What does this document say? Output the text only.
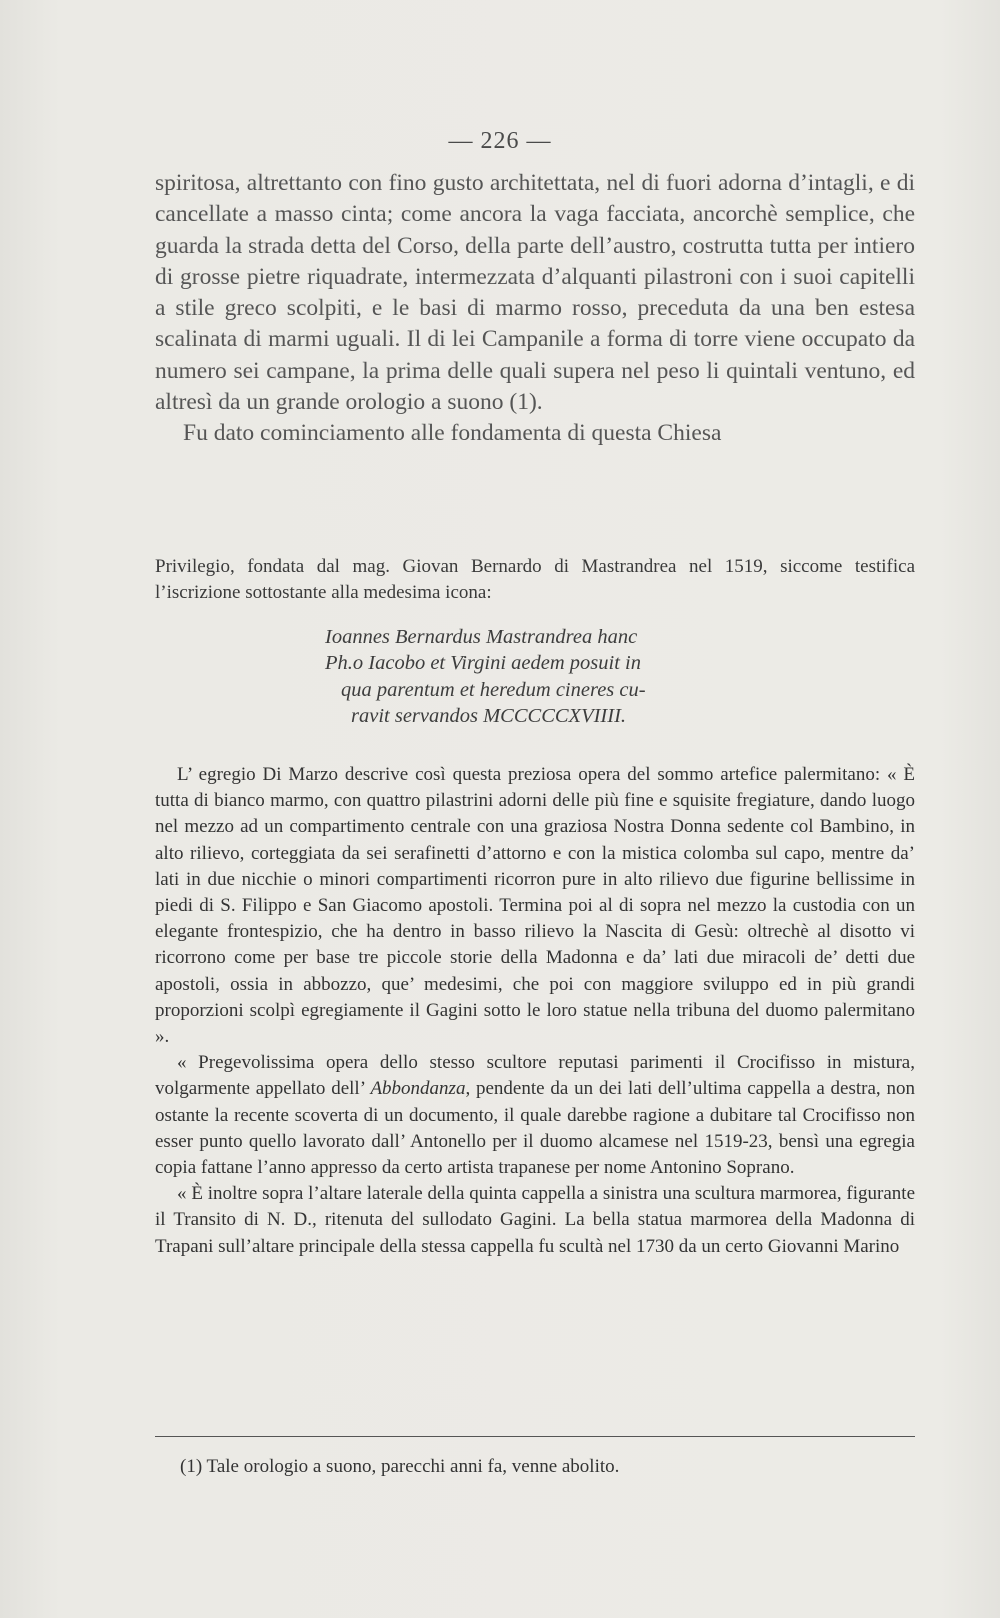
— 226 —

spiritosa, altrettanto con fino gusto architettata, nel di fuori adorna d’intagli, e di cancellate a masso cinta; come ancora la vaga facciata, ancorchè semplice, che guarda la strada detta del Corso, della parte dell’austro, costrutta tutta per intiero di grosse pietre riquadrate, intermezzata d’alquanti pilastroni con i suoi capitelli a stile greco scolpiti, e le basi di marmo rosso, preceduta da una ben estesa scalinata di marmi uguali. Il di lei Campanile a forma di torre viene occupato da numero sei campane, la prima delle quali supera nel peso li quintali ventuno, ed altresì da un grande orologio a suono (1).

Fu dato cominciamento alle fondamenta di questa Chiesa

Privilegio, fondata dal mag. Giovan Bernardo di Mastrandrea nel 1519, siccome testifica l’iscrizione sottostante alla medesima icona:

Ioannes Bernardus Mastrandrea hanc
Ph.o Iacobo et Virgini aedem posuit in
qua parentum et heredum cineres cu-
ravit servandos MCCCCCXVIIII.

L’ egregio Di Marzo descrive così questa preziosa opera del sommo artefice palermitano: « È tutta di bianco marmo, con quattro pilastrini adorni delle più fine e squisite fregiature, dando luogo nel mezzo ad un compartimento centrale con una graziosa Nostra Donna sedente col Bambino, in alto rilievo, corteggiata da sei serafinetti d’attorno e con la mistica colomba sul capo, mentre da’ lati in due nicchie o minori compartimenti ricorron pure in alto rilievo due figurine bellissime in piedi di S. Filippo e San Giacomo apostoli. Termina poi al di sopra nel mezzo la custodia con un elegante frontespizio, che ha dentro in basso rilievo la Nascita di Gesù: oltrechè al disotto vi ricorrono come per base tre piccole storie della Madonna e da’ lati due miracoli de’ detti due apostoli, ossia in abbozzo, que’ medesimi, che poi con maggiore sviluppo ed in più grandi proporzioni scolpì egregiamente il Gagini sotto le loro statue nella tribuna del duomo palermitano ».

« Pregevolissima opera dello stesso scultore reputasi parimenti il Crocifisso in mistura, volgarmente appellato dell’ Abbondanza, pendente da un dei lati dell’ultima cappella a destra, non ostante la recente scoverta di un documento, il quale darebbe ragione a dubitare tal Crocifisso non esser punto quello lavorato dall’ Antonello per il duomo alcamese nel 1519-23, bensì una egregia copia fattane l’anno appresso da certo artista trapanese per nome Antonino Soprano.

« È inoltre sopra l’altare laterale della quinta cappella a sinistra una scultura marmorea, figurante il Transito di N. D., ritenuta del sullodato Gagini. La bella statua marmorea della Madonna di Trapani sull’altare principale della stessa cappella fu scultà nel 1730 da un certo Giovanni Marino

(1) Tale orologio a suono, parecchi anni fa, venne abolito.
